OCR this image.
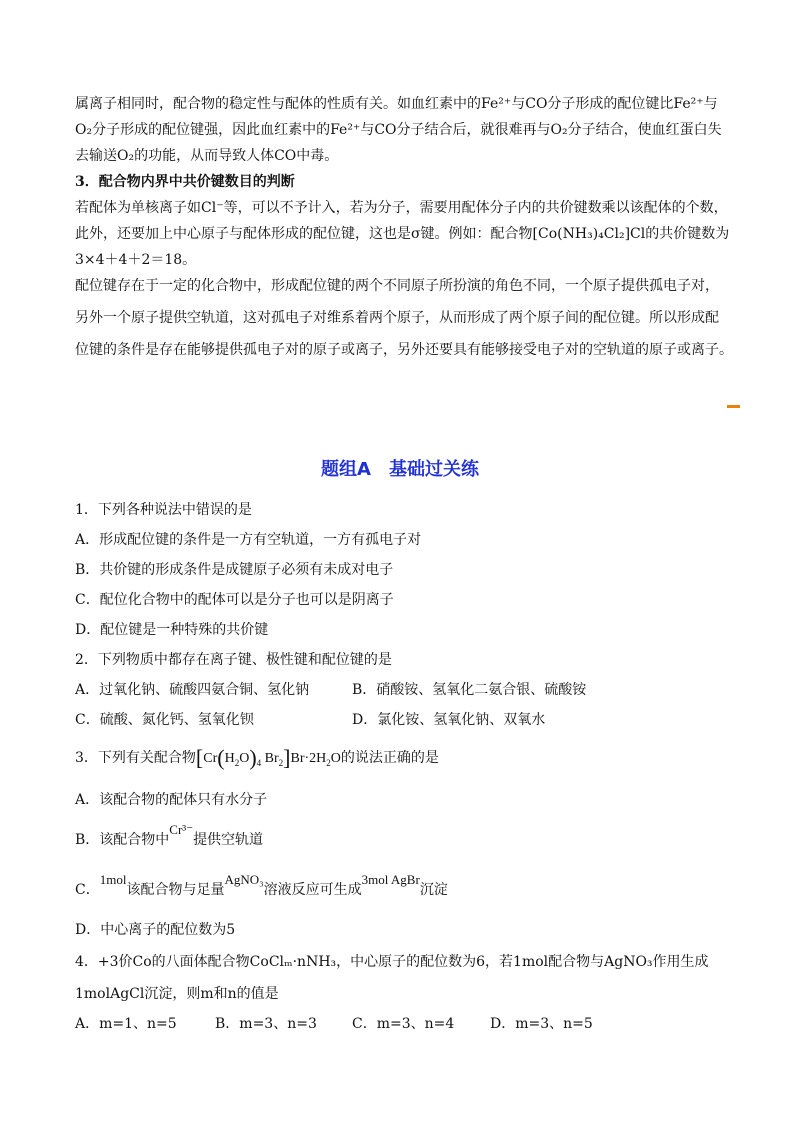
属离子相同时，配合物的稳定性与配体的性质有关。如血红素中的Fe²⁺与CO分子形成的配位键比Fe²⁺与
O₂分子形成的配位键强，因此血红素中的Fe²⁺与CO分子结合后，就很难再与O₂分子结合，使血红蛋白失
去输送O₂的功能，从而导致人体CO中毒。
3．配合物内界中共价键数目的判断
若配体为单核离子如Cl⁻等，可以不予计入，若为分子，需要用配体分子内的共价键数乘以该配体的个数，
此外，还要加上中心原子与配体形成的配位键，这也是σ键。例如：配合物[Co(NH₃)₄Cl₂]Cl的共价键数为
3×4＋4＋2＝18。
配位键存在于一定的化合物中，形成配位键的两个不同原子所扮演的角色不同，一个原子提供孤电子对，
另外一个原子提供空轨道，这对孤电子对维系着两个原子，从而形成了两个原子间的配位键。所以形成配
位键的条件是存在能够提供孤电子对的原子或离子，另外还要具有能够接受电子对的空轨道的原子或离子。
题组A　基础过关练
1．下列各种说法中错误的是
A．形成配位键的条件是一方有空轨道，一方有孤电子对
B．共价键的形成条件是成键原子必须有未成对电子
C．配位化合物中的配体可以是分子也可以是阴离子
D．配位键是一种特殊的共价键
2．下列物质中都存在离子键、极性键和配位键的是
A．过氧化钠、硫酸四氨合铜、氢化钠	B．硝酸铵、氢氧化二氨合银、硫酸铵
C．硫酸、氮化钙、氢氧化钡	D．氯化铵、氢氧化钠、双氧水
3．下列有关配合物[$Cr(H_2O)_4$ $Br_2]Br\cdot 2H_2O$的说法正确的是
A．该配合物的配体只有水分子
B．该配合物中Cr³⁻提供空轨道
C．1mol该配合物与足量AgNO₃溶液反应可生成3mol AgBr沉淀
D．中心离子的配位数为5
4．+3价Co的八面体配合物CoClₘ·nNH₃，中心原子的配位数为6，若1mol配合物与AgNO₃作用生成
1molAgCl沉淀，则m和n的值是
A．m=1、n=5	B．m=3、n=3	C．m=3、n=4	D．m=3、n=5
